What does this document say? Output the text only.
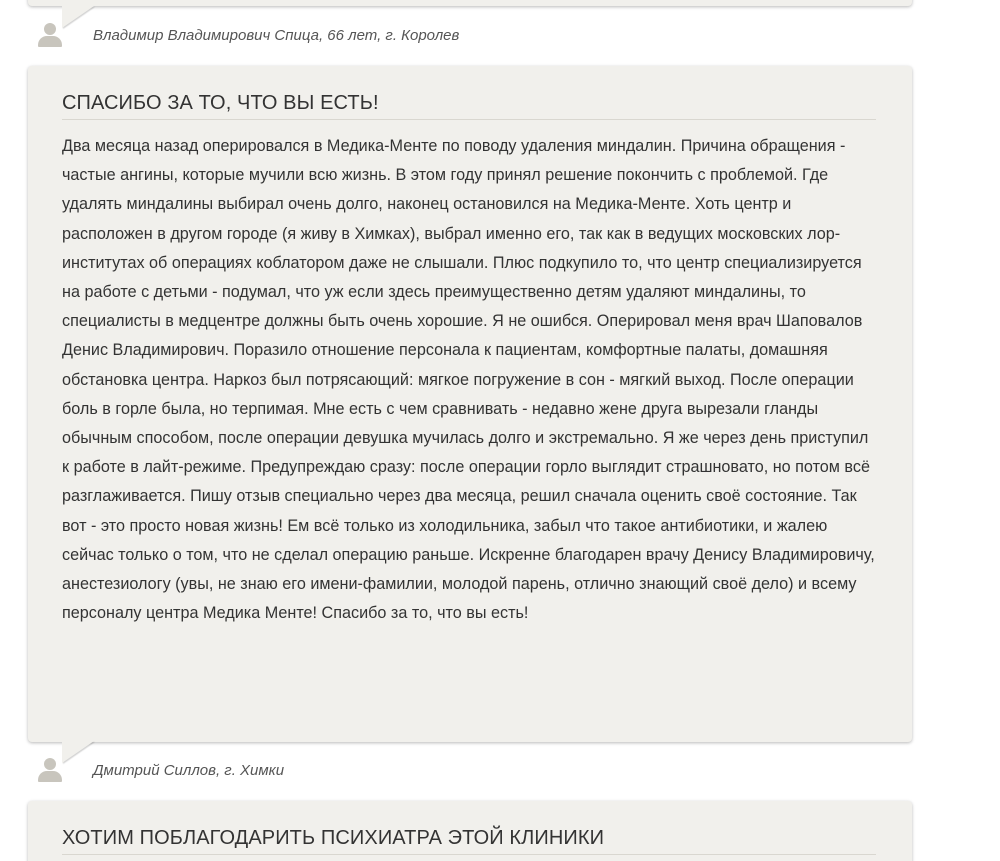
Владимир Владимирович Спица, 66 лет, г. Королев
СПАСИБО ЗА ТО, ЧТО ВЫ ЕСТЬ!

Два месяца назад оперировался в Медика-Менте по поводу удаления миндалин. Причина обращения - частые ангины, которые мучили всю жизнь. В этом году принял решение покончить с проблемой. Где удалять миндалины выбирал очень долго, наконец остановился на Медика-Менте. Хоть центр и расположен в другом городе (я живу в Химках), выбрал именно его, так как в ведущих московских лор-институтах об операциях коблатором даже не слышали. Плюс подкупило то, что центр специализируется на работе с детьми - подумал, что уж если здесь преимущественно детям удаляют миндалины, то специалисты в медцентре должны быть очень хорошие. Я не ошибся. Оперировал меня врач Шаповалов Денис Владимирович. Поразило отношение персонала к пациентам, комфортные палаты, домашняя обстановка центра. Наркоз был потрясающий: мягкое погружение в сон - мягкий выход. После операции боль в горле была, но терпимая. Мне есть с чем сравнивать - недавно жене друга вырезали гланды обычным способом, после операции девушка мучилась долго и экстремально. Я же через день приступил к работе в лайт-режиме. Предупреждаю сразу: после операции горло выглядит страшновато, но потом всё разглаживается. Пишу отзыв специально через два месяца, решил сначала оценить своё состояние. Так вот - это просто новая жизнь! Ем всё только из холодильника, забыл что такое антибиотики, и жалею сейчас только о том, что не сделал операцию раньше. Искренне благодарен врачу Денису Владимировичу, анестезиологу (увы, не знаю его имени-фамилии, молодой парень, отлично знающий своё дело) и всему персоналу центра Медика Менте! Спасибо за то, что вы есть!

Дмитрий Силлов, г. Химки
ХОТИМ ПОБЛАГОДАРИТЬ ПСИХИАТРА ЭТОЙ КЛИНИКИ
